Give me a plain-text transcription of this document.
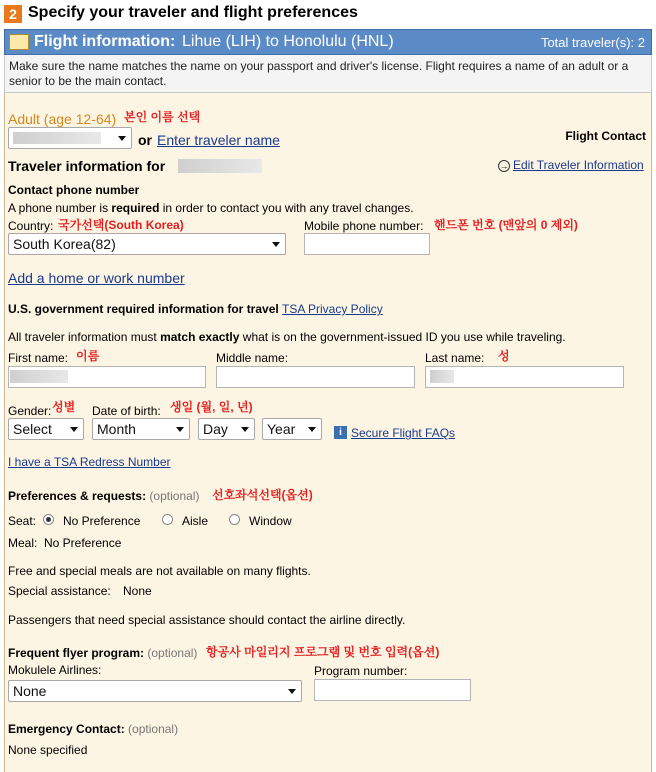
2 Specify your traveler and flight preferences
Flight information: Lihue (LIH) to Honolulu (HNL)	Total traveler(s): 2
Make sure the name matches the name on your passport and driver's license. Flight requires a name of an adult or a senior to be the main contact.
Adult (age 12-64) 본인 이름 선택
or Enter traveler name	Flight Contact
Traveler information for	→ Edit Traveler Information
Contact phone number
A phone number is required in order to contact you with any travel changes.
Country: 국가선택(South Korea)
South Korea(82)
Mobile phone number: 핸드폰 번호 (맨앞의 0 제외)
Add a home or work number
U.S. government required information for travel TSA Privacy Policy
All traveler information must match exactly what is on the government-issued ID you use while traveling.
First name: 이름	Middle name:	Last name: 성
Gender: 성별 Date of birth: 생일 (월, 일, 년)
Select	Month	Day	Year	i Secure Flight FAQs
I have a TSA Redress Number
Preferences & requests: (optional) 선호좌석선택(옵션)
Seat: No Preference	Aisle	Window
Meal: No Preference
Free and special meals are not available on many flights.
Special assistance: None
Passengers that need special assistance should contact the airline directly.
Frequent flyer program: (optional) 항공사 마일리지 프로그램 및 번호 입력(옵션)
Mokulele Airlines:
None
Program number:
Emergency Contact: (optional)
None specified
